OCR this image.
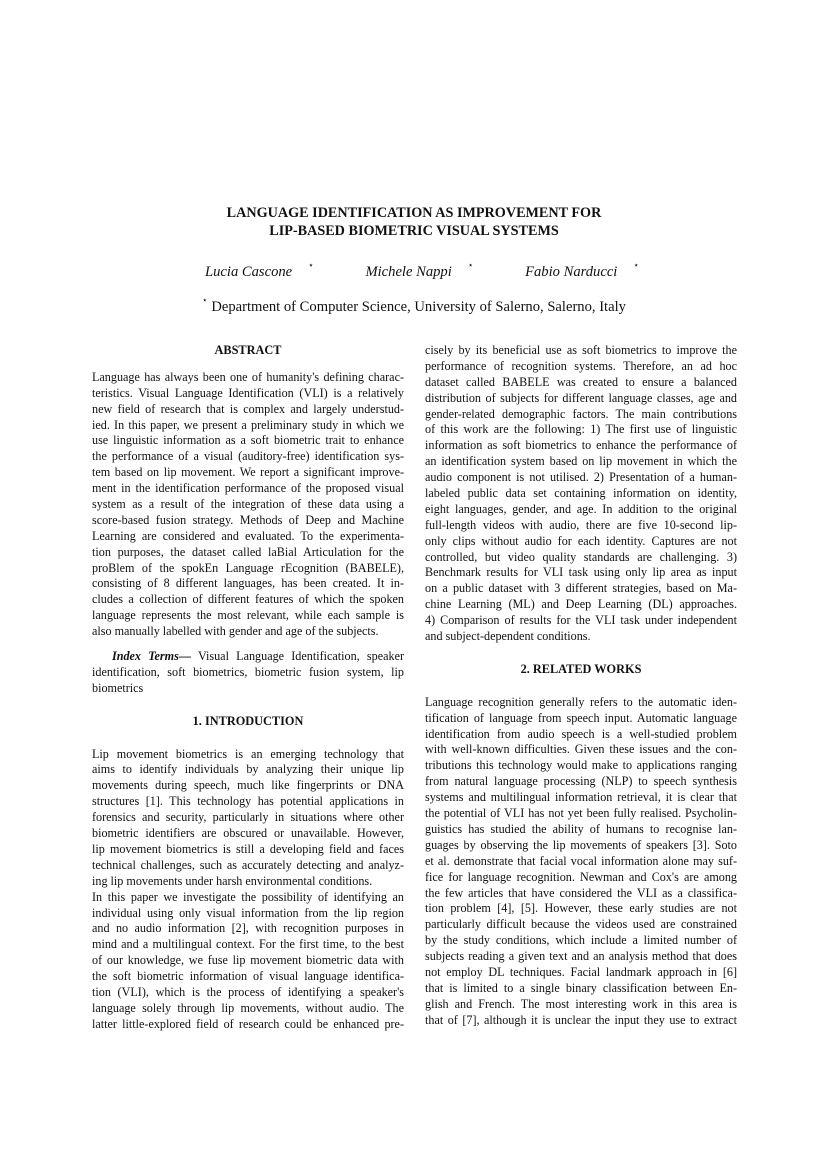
LANGUAGE IDENTIFICATION AS IMPROVEMENT FOR
LIP-BASED BIOMETRIC VISUAL SYSTEMS
Lucia Cascone ⋆	Michele Nappi ⋆	Fabio Narducci ⋆
⋆ Department of Computer Science, University of Salerno, Salerno, Italy
ABSTRACT
Language has always been one of humanity's defining charac-
teristics. Visual Language Identification (VLI) is a relatively
new field of research that is complex and largely understud-
ied. In this paper, we present a preliminary study in which we
use linguistic information as a soft biometric trait to enhance
the performance of a visual (auditory-free) identification sys-
tem based on lip movement. We report a significant improve-
ment in the identification performance of the proposed visual
system as a result of the integration of these data using a
score-based fusion strategy. Methods of Deep and Machine
Learning are considered and evaluated. To the experimenta-
tion purposes, the dataset called laBial Articulation for the
proBlem of the spokEn Language rEcognition (BABELE),
consisting of 8 different languages, has been created. It in-
cludes a collection of different features of which the spoken
language represents the most relevant, while each sample is
also manually labelled with gender and age of the subjects.
Index Terms— Visual Language Identification, speaker
identification, soft biometrics, biometric fusion system, lip
biometrics
1. INTRODUCTION
Lip movement biometrics is an emerging technology that
aims to identify individuals by analyzing their unique lip
movements during speech, much like fingerprints or DNA
structures [1]. This technology has potential applications in
forensics and security, particularly in situations where other
biometric identifiers are obscured or unavailable. However,
lip movement biometrics is still a developing field and faces
technical challenges, such as accurately detecting and analyz-
ing lip movements under harsh environmental conditions.
In this paper we investigate the possibility of identifying an
individual using only visual information from the lip region
and no audio information [2], with recognition purposes in
mind and a multilingual context. For the first time, to the best
of our knowledge, we fuse lip movement biometric data with
the soft biometric information of visual language identifica-
tion (VLI), which is the process of identifying a speaker's
language solely through lip movements, without audio. The
latter little-explored field of research could be enhanced pre-
cisely by its beneficial use as soft biometrics to improve the
performance of recognition systems. Therefore, an ad hoc
dataset called BABELE was created to ensure a balanced
distribution of subjects for different language classes, age and
gender-related demographic factors. The main contributions
of this work are the following: 1) The first use of linguistic
information as soft biometrics to enhance the performance of
an identification system based on lip movement in which the
audio component is not utilised. 2) Presentation of a human-
labeled public data set containing information on identity,
eight languages, gender, and age. In addition to the original
full-length videos with audio, there are five 10-second lip-
only clips without audio for each identity. Captures are not
controlled, but video quality standards are challenging. 3)
Benchmark results for VLI task using only lip area as input
on a public dataset with 3 different strategies, based on Ma-
chine Learning (ML) and Deep Learning (DL) approaches.
4) Comparison of results for the VLI task under independent
and subject-dependent conditions.
2. RELATED WORKS
Language recognition generally refers to the automatic iden-
tification of language from speech input. Automatic language
identification from audio speech is a well-studied problem
with well-known difficulties. Given these issues and the con-
tributions this technology would make to applications ranging
from natural language processing (NLP) to speech synthesis
systems and multilingual information retrieval, it is clear that
the potential of VLI has not yet been fully realised. Psycholin-
guistics has studied the ability of humans to recognise lan-
guages by observing the lip movements of speakers [3]. Soto
et al. demonstrate that facial vocal information alone may suf-
fice for language recognition. Newman and Cox's are among
the few articles that have considered the VLI as a classifica-
tion problem [4], [5]. However, these early studies are not
particularly difficult because the videos used are constrained
by the study conditions, which include a limited number of
subjects reading a given text and an analysis method that does
not employ DL techniques. Facial landmark approach in [6]
that is limited to a single binary classification between En-
glish and French. The most interesting work in this area is
that of [7], although it is unclear the input they use to extract
